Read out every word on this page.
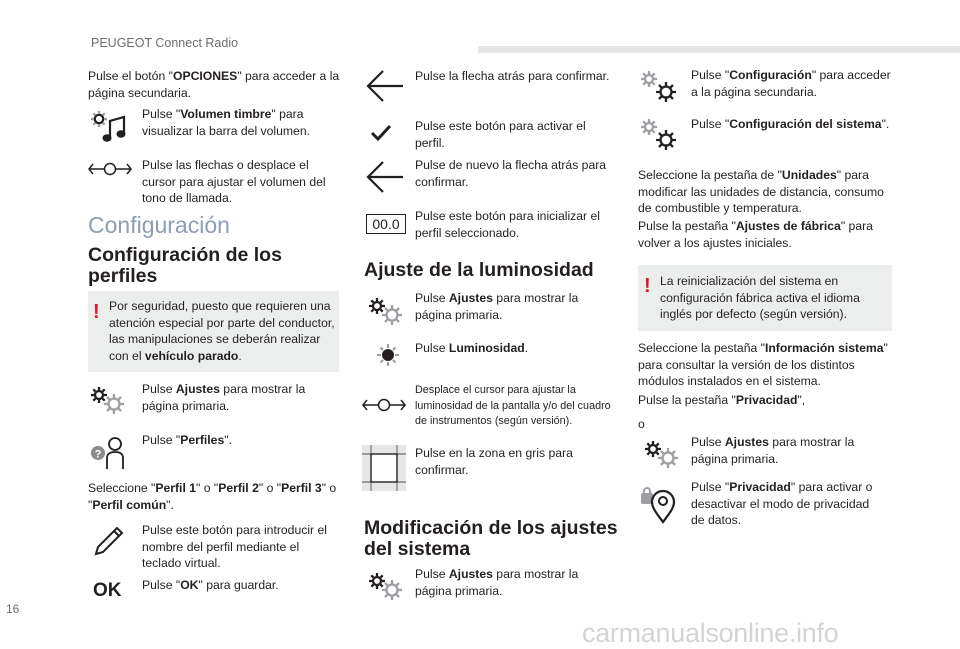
PEUGEOT Connect Radio
Pulse el botón "OPCIONES" para acceder a la página secundaria.
Pulse "Volumen timbre" para visualizar la barra del volumen.
Pulse las flechas o desplace el cursor para ajustar el volumen del tono de llamada.
Configuración
Configuración de los perfiles
! Por seguridad, puesto que requieren una atención especial por parte del conductor, las manipulaciones se deberán realizar con el vehículo parado.
Pulse Ajustes para mostrar la página primaria.
?
Pulse "Perfiles".
Seleccione "Perfil 1" o "Perfil 2" o "Perfil 3" o "Perfil común".
Pulse este botón para introducir el nombre del perfil mediante el teclado virtual.
OK Pulse "OK" para guardar.
Pulse la flecha atrás para confirmar.
Pulse este botón para activar el perfil.
Pulse de nuevo la flecha atrás para confirmar.
00.0	Pulse este botón para inicializar el perfil seleccionado.
Ajuste de la luminosidad
Pulse Ajustes para mostrar la página primaria.
Pulse Luminosidad.
Desplace el cursor para ajustar la luminosidad de la pantalla y/o del cuadro de instrumentos (según versión).
Pulse en la zona en gris para confirmar.
Modificación de los ajustes del sistema
Pulse Ajustes para mostrar la página primaria.
Pulse "Configuración" para acceder a la página secundaria.
Pulse "Configuración del sistema".
Seleccione la pestaña de "Unidades" para modificar las unidades de distancia, consumo de combustible y temperatura.
Pulse la pestaña "Ajustes de fábrica" para volver a los ajustes iniciales.
! La reinicialización del sistema en configuración fábrica activa el idioma inglés por defecto (según versión).
Seleccione la pestaña "Información sistema" para consultar la versión de los distintos módulos instalados en el sistema.
Pulse la pestaña "Privacidad",
o
Pulse Ajustes para mostrar la página primaria.
Pulse "Privacidad" para activar o desactivar el modo de privacidad de datos.
16
carmanualsonline.info
